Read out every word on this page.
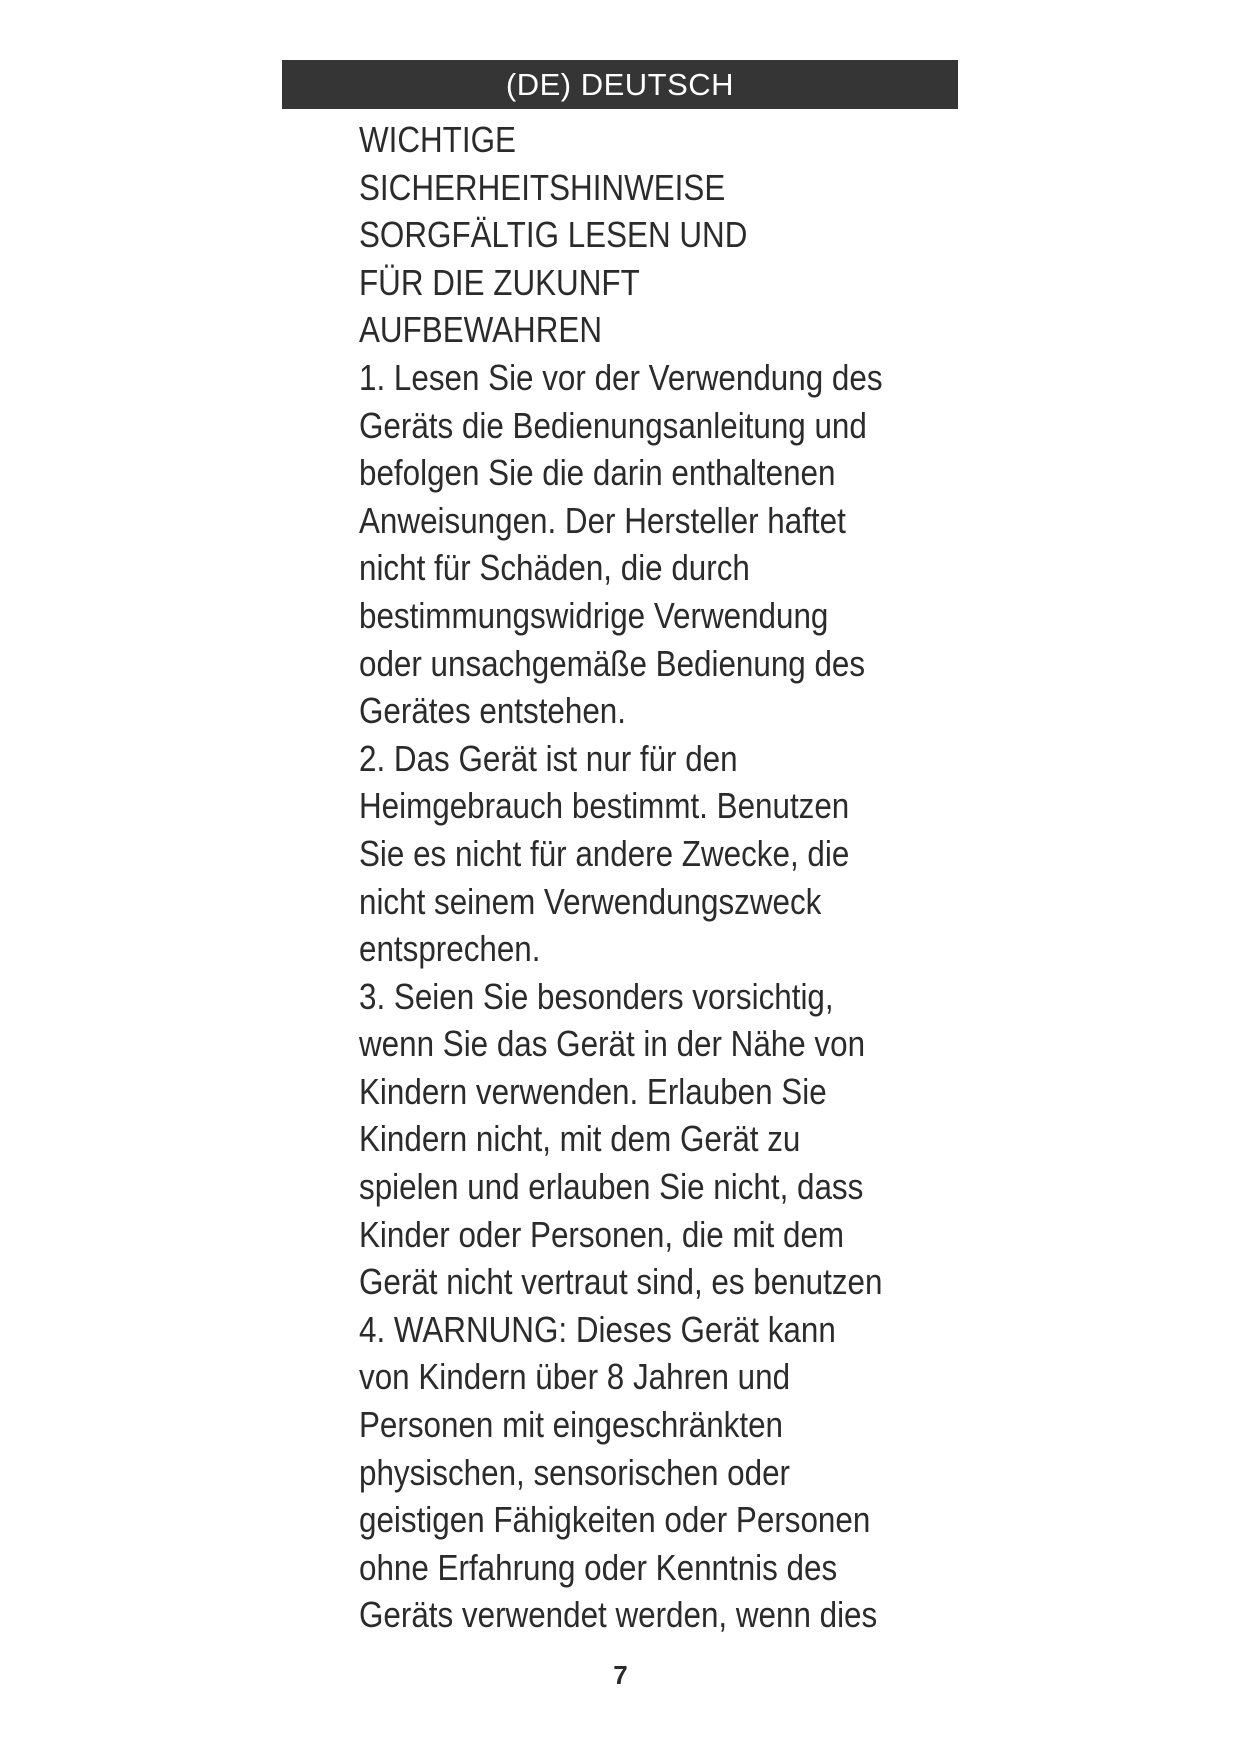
(DE) DEUTSCH
WICHTIGE
SICHERHEITSHINWEISE
SORGFÄLTIG LESEN UND
FÜR DIE ZUKUNFT
AUFBEWAHREN
1. Lesen Sie vor der Verwendung des
Geräts die Bedienungsanleitung und
befolgen Sie die darin enthaltenen
Anweisungen. Der Hersteller haftet
nicht für Schäden, die durch
bestimmungswidrige Verwendung
oder unsachgemäße Bedienung des
Gerätes entstehen.
2. Das Gerät ist nur für den
Heimgebrauch bestimmt. Benutzen
Sie es nicht für andere Zwecke, die
nicht seinem Verwendungszweck
entsprechen.
3. Seien Sie besonders vorsichtig,
wenn Sie das Gerät in der Nähe von
Kindern verwenden. Erlauben Sie
Kindern nicht, mit dem Gerät zu
spielen und erlauben Sie nicht, dass
Kinder oder Personen, die mit dem
Gerät nicht vertraut sind, es benutzen
4. WARNUNG: Dieses Gerät kann
von Kindern über 8 Jahren und
Personen mit eingeschränkten
physischen, sensorischen oder
geistigen Fähigkeiten oder Personen
ohne Erfahrung oder Kenntnis des
Geräts verwendet werden, wenn dies
7
